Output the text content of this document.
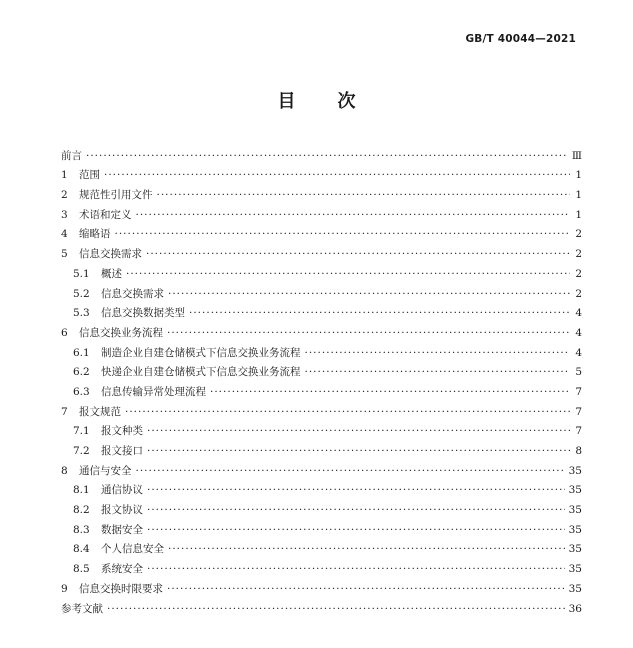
GB/T 40044—2021
目 次
前言 ·····	Ⅲ
1	范围 ·····	1
2	规范性引用文件 ·····	1
3	术语和定义 ·····	1
4	缩略语 ·····	2
5	信息交换需求 ·····	2
5.1	概述 ·····	2
5.2	信息交换需求 ·····	2
5.3	信息交换数据类型 ·····	4
6	信息交换业务流程 ·····	4
6.1	制造企业自建仓储模式下信息交换业务流程 ·····	4
6.2	快递企业自建仓储模式下信息交换业务流程 ·····	5
6.3	信息传输异常处理流程 ·····	7
7	报文规范 ·····	7
7.1	报文种类 ·····	7
7.2	报文接口 ·····	8
8	通信与安全 ·····	35
8.1	通信协议 ·····	35
8.2	报文协议 ·····	35
8.3	数据安全 ·····	35
8.4	个人信息安全 ·····	35
8.5	系统安全 ·····	35
9	信息交换时限要求 ·····	35
参考文献 ·····	36
